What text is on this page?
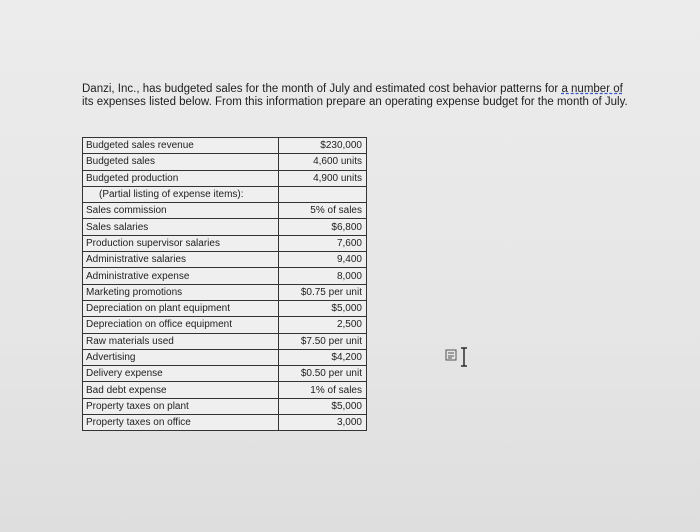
Danzi, Inc., has budgeted sales for the month of July and estimated cost behavior patterns for a number of its expenses listed below. From this information prepare an operating expense budget for the month of July.
Budgeted sales revenue	$230,000
Budgeted sales	4,600 units
Budgeted production	4,900 units
(Partial listing of expense items):	
Sales commission	5% of sales
Sales salaries	$6,800
Production supervisor salaries	7,600
Administrative salaries	9,400
Administrative expense	8,000
Marketing promotions	$0.75 per unit
Depreciation on plant equipment	$5,000
Depreciation on office equipment	2,500
Raw materials used	$7.50 per unit
Advertising	$4,200
Delivery expense	$0.50 per unit
Bad debt expense	1% of sales
Property taxes on plant	$5,000
Property taxes on office	3,000
